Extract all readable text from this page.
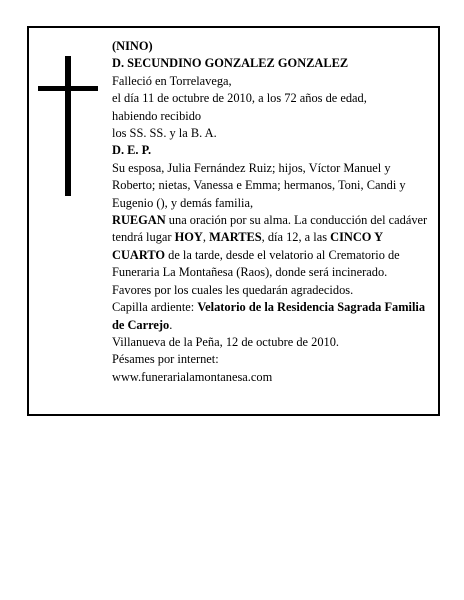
(NINO)
D. SECUNDINO GONZALEZ GONZALEZ
Falleció en Torrelavega,
el día 11 de octubre de 2010, a los 72 años de edad,
habiendo recibido
los SS. SS. y la B. A.
D. E. P.
Su esposa, Julia Fernández Ruiz; hijos, Víctor Manuel y Roberto; nietas, Vanessa e Emma; hermanos, Toni, Candi y Eugenio (), y demás familia,
RUEGAN una oración por su alma. La conducción del cadáver tendrá lugar HOY, MARTES, día 12, a las CINCO Y CUARTO de la tarde, desde el velatorio al Crematorio de Funeraria La Montañesa (Raos), donde será incinerado. Favores por los cuales les quedarán agradecidos.
Capilla ardiente: Velatorio de la Residencia Sagrada Familia de Carrejo.
Villanueva de la Peña, 12 de octubre de 2010.
Pésames por internet:
www.funerarialamontanesa.com
